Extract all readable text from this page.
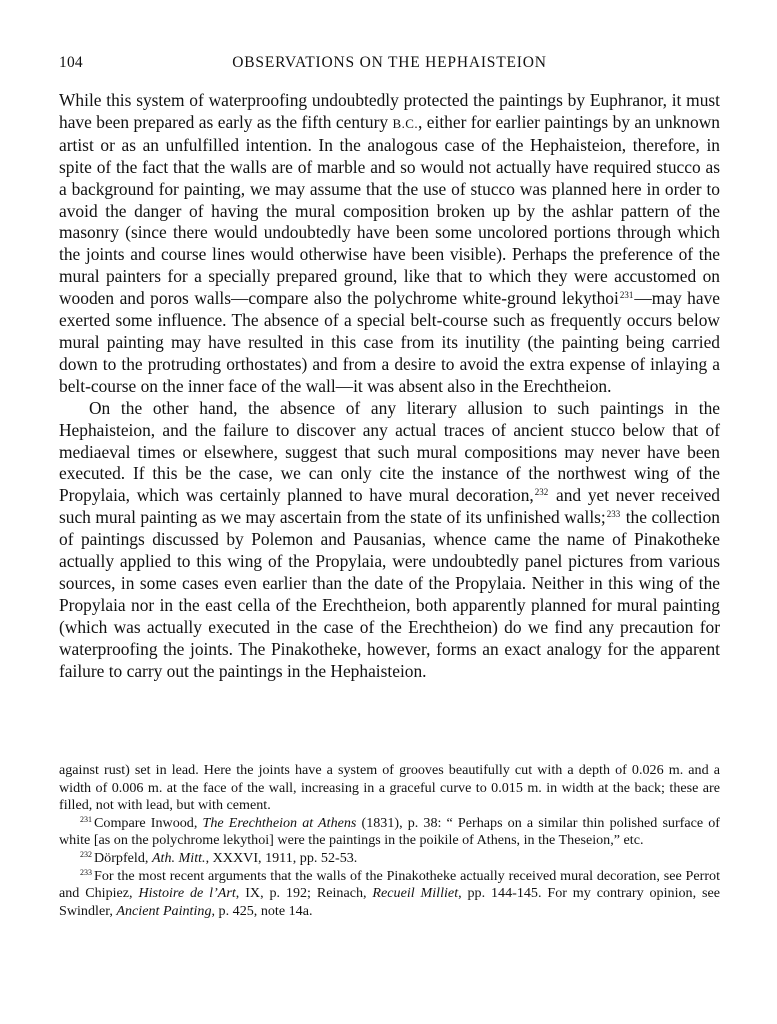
104	OBSERVATIONS ON THE HEPHAISTEION

While this system of waterproofing undoubtedly protected the paintings by Euphranor, it must have been prepared as early as the fifth century B.C., either for earlier paintings by an unknown artist or as an unfulfilled intention. In the analogous case of the Hephaisteion, therefore, in spite of the fact that the walls are of marble and so would not actually have required stucco as a background for painting, we may assume that the use of stucco was planned here in order to avoid the danger of having the mural composition broken up by the ashlar pattern of the masonry (since there would undoubtedly have been some uncolored portions through which the joints and course lines would otherwise have been visible). Perhaps the preference of the mural painters for a specially prepared ground, like that to which they were accustomed on wooden and poros walls—compare also the polychrome white-ground lekythoi$^{231}$—may have exerted some influence. The absence of a special belt-course such as frequently occurs below mural painting may have resulted in this case from its inutility (the painting being carried down to the protruding orthostates) and from a desire to avoid the extra expense of inlaying a belt-course on the inner face of the wall—it was absent also in the Erechtheion.

On the other hand, the absence of any literary allusion to such paintings in the Hephaisteion, and the failure to discover any actual traces of ancient stucco below that of mediaeval times or elsewhere, suggest that such mural compositions may never have been executed. If this be the case, we can only cite the instance of the northwest wing of the Propylaia, which was certainly planned to have mural decoration,$^{232}$ and yet never received such mural painting as we may ascertain from the state of its unfinished walls;$^{233}$ the collection of paintings discussed by Polemon and Pausanias, whence came the name of Pinakotheke actually applied to this wing of the Propylaia, were undoubtedly panel pictures from various sources, in some cases even earlier than the date of the Propylaia. Neither in this wing of the Propylaia nor in the east cella of the Erechtheion, both apparently planned for mural painting (which was actually executed in the case of the Erechtheion) do we find any precaution for waterproofing the joints. The Pinakotheke, however, forms an exact analogy for the apparent failure to carry out the paintings in the Hephaisteion.

against rust) set in lead. Here the joints have a system of grooves beautifully cut with a depth of 0.026 m. and a width of 0.006 m. at the face of the wall, increasing in a graceful curve to 0.015 m. in width at the back; these are filled, not with lead, but with cement.

$^{231}$ Compare Inwood, The Erechtheion at Athens (1831), p. 38: “ Perhaps on a similar thin polished surface of white [as on the polychrome lekythoi] were the paintings in the poikile of Athens, in the Theseion,” etc.

$^{232}$ Dörpfeld, Ath. Mitt., XXXVI, 1911, pp. 52-53.

$^{233}$ For the most recent arguments that the walls of the Pinakotheke actually received mural decoration, see Perrot and Chipiez, Histoire de l’Art, IX, p. 192; Reinach, Recueil Milliet, pp. 144-145. For my contrary opinion, see Swindler, Ancient Painting, p. 425, note 14a.
